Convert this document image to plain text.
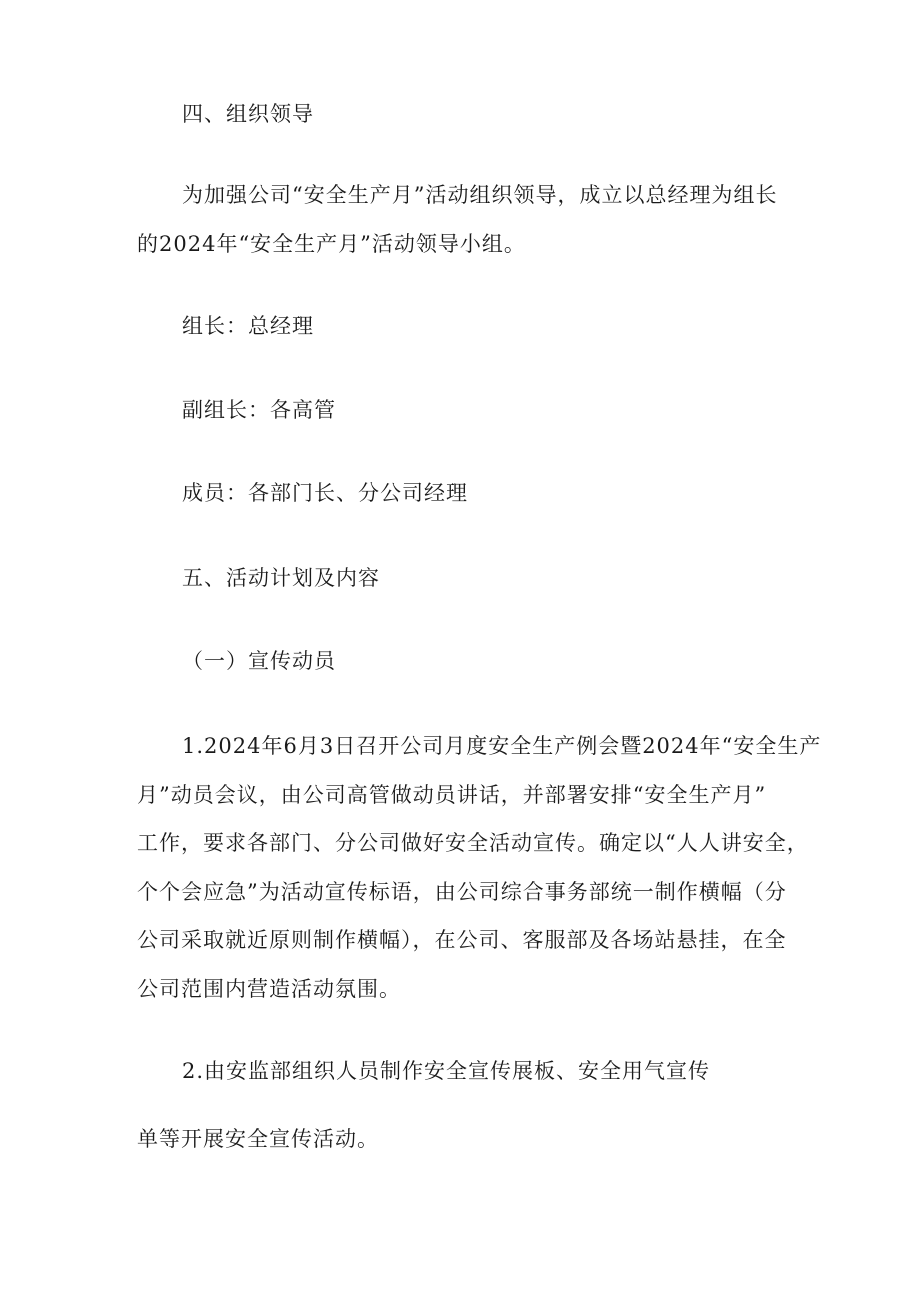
四、组织领导
为加强公司“安全生产月”活动组织领导，成立以总经理为组长
的2024年“安全生产月”活动领导小组。
组长：总经理
副组长：各高管
成员：各部门长、分公司经理
五、活动计划及内容
（一）宣传动员
1.2024年6月3日召开公司月度安全生产例会暨2024年“安全生产
月”动员会议，由公司高管做动员讲话，并部署安排“安全生产月”
工作，要求各部门、分公司做好安全活动宣传。确定以“人人讲安全，
个个会应急”为活动宣传标语，由公司综合事务部统一制作横幅（分
公司采取就近原则制作横幅），在公司、客服部及各场站悬挂，在全
公司范围内营造活动氛围。
2.由安监部组织人员制作安全宣传展板、安全用气宣传
单等开展安全宣传活动。
